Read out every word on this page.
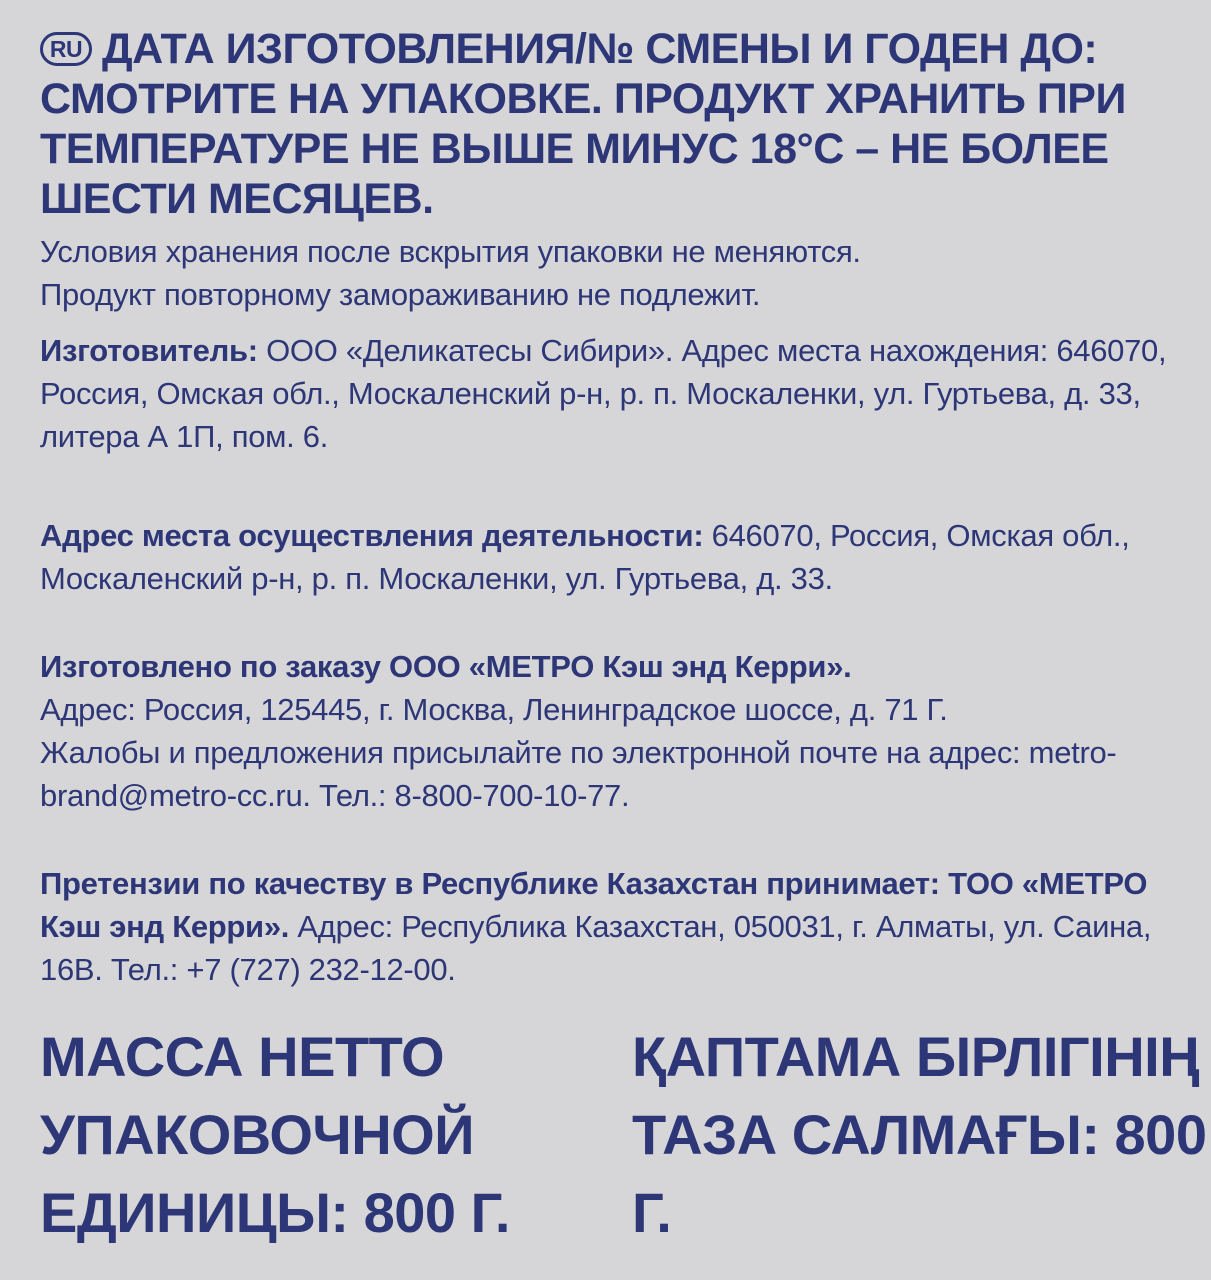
RU ДАТА ИЗГОТОВЛЕНИЯ/№ СМЕНЫ И ГОДЕН ДО: СМОТРИТЕ НА УПАКОВКЕ. ПРОДУКТ ХРАНИТЬ ПРИ ТЕМПЕРАТУРЕ НЕ ВЫШЕ МИНУС 18°С – НЕ БОЛЕЕ ШЕСТИ МЕСЯЦЕВ.
Условия хранения после вскрытия упаковки не меняются.
Продукт повторному замораживанию не подлежит.
Изготовитель: ООО «Деликатесы Сибири». Адрес места нахождения: 646070, Россия, Омская обл., Москаленский р-н, р. п. Москаленки, ул. Гуртьева, д. 33, литера А 1П, пом. 6.
Адрес места осуществления деятельности: 646070, Россия, Омская обл., Москаленский р-н, р. п. Москаленки, ул. Гуртьева, д. 33.
Изготовлено по заказу ООО «МЕТРО Кэш энд Керри».
Адрес: Россия, 125445, г. Москва, Ленинградское шоссе, д. 71 Г.
Жалобы и предложения присылайте по электронной почте на адрес: metro-brand@metro-cc.ru. Тел.: 8-800-700-10-77.
Претензии по качеству в Республике Казахстан принимает: ТОО «МЕТРО Кэш энд Керри». Адрес: Республика Казахстан, 050031, г. Алматы, ул. Саина, 16В. Тел.: +7 (727) 232-12-00.
МАССА НЕТТО УПАКОВОЧНОЙ ЕДИНИЦЫ: 800 Г.
ҚАПТАМА БІРЛІГІНІҢ ТАЗА САЛМАҒЫ: 800 Г.
